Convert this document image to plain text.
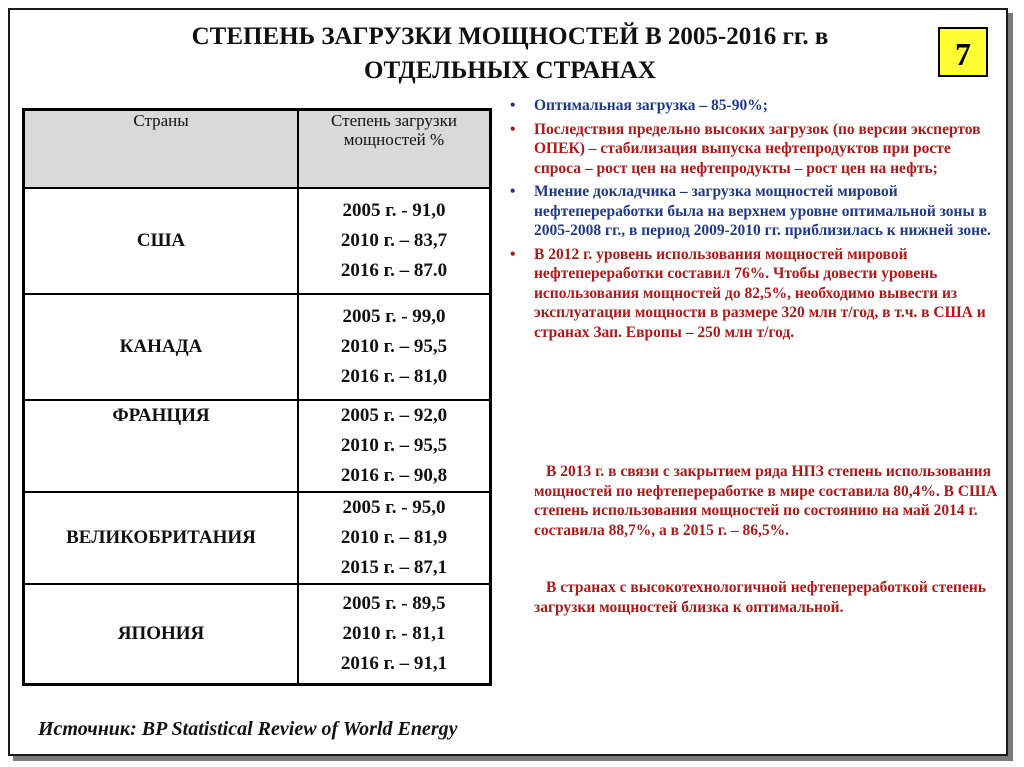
СТЕПЕНЬ ЗАГРУЗКИ МОЩНОСТЕЙ В 2005-2016 гг. в ОТДЕЛЬНЫХ СТРАНАХ	7
Страны	Степень загрузки мощностей %
США	2005 г. - 91,0
2010 г. – 83,7
2016 г. – 87.0

КАНАДА	2005 г. - 99,0
2010 г. – 95,5
2016 г. – 81,0

ФРАНЦИЯ	2005 г. – 92,0
2010 г. – 95,5
2016 г. – 90,8

ВЕЛИКОБРИТАНИЯ	2005 г. - 95,0
2010 г. – 81,9
2015 г. – 87,1

ЯПОНИЯ	2005 г. - 89,5
2010 г. - 81,1
2016 г. – 91,1
• Оптимальная загрузка – 85-90%;
• Последствия предельно высоких загрузок (по версии экспертов ОПЕК) – стабилизация выпуска нефтепродуктов при росте спроса – рост цен на нефтепродукты – рост цен на нефть;
• Мнение докладчика – загрузка мощностей мировой нефтепереработки была на верхнем уровне оптимальной зоны в 2005-2008 гг., в период 2009-2010 гг. приблизилась к нижней зоне.
• В 2012 г. уровень использования мощностей мировой нефтепереработки составил 76%. Чтобы довести уровень использования мощностей до 82,5%, необходимо вывести из эксплуатации мощности в размере 320 млн т/год, в т.ч. в США и странах Зап. Европы – 250 млн т/год.

В 2013 г. в связи с закрытием ряда НПЗ степень использования мощностей по нефтепереработке в мире составила 80,4%. В США степень использования мощностей по состоянию на май 2014 г. составила 88,7%, а в 2015 г. – 86,5%.

В странах с высокотехнологичной нефтепереработкой степень загрузки мощностей близка к оптимальной.

Источник: BP Statistical Review of World Energy
